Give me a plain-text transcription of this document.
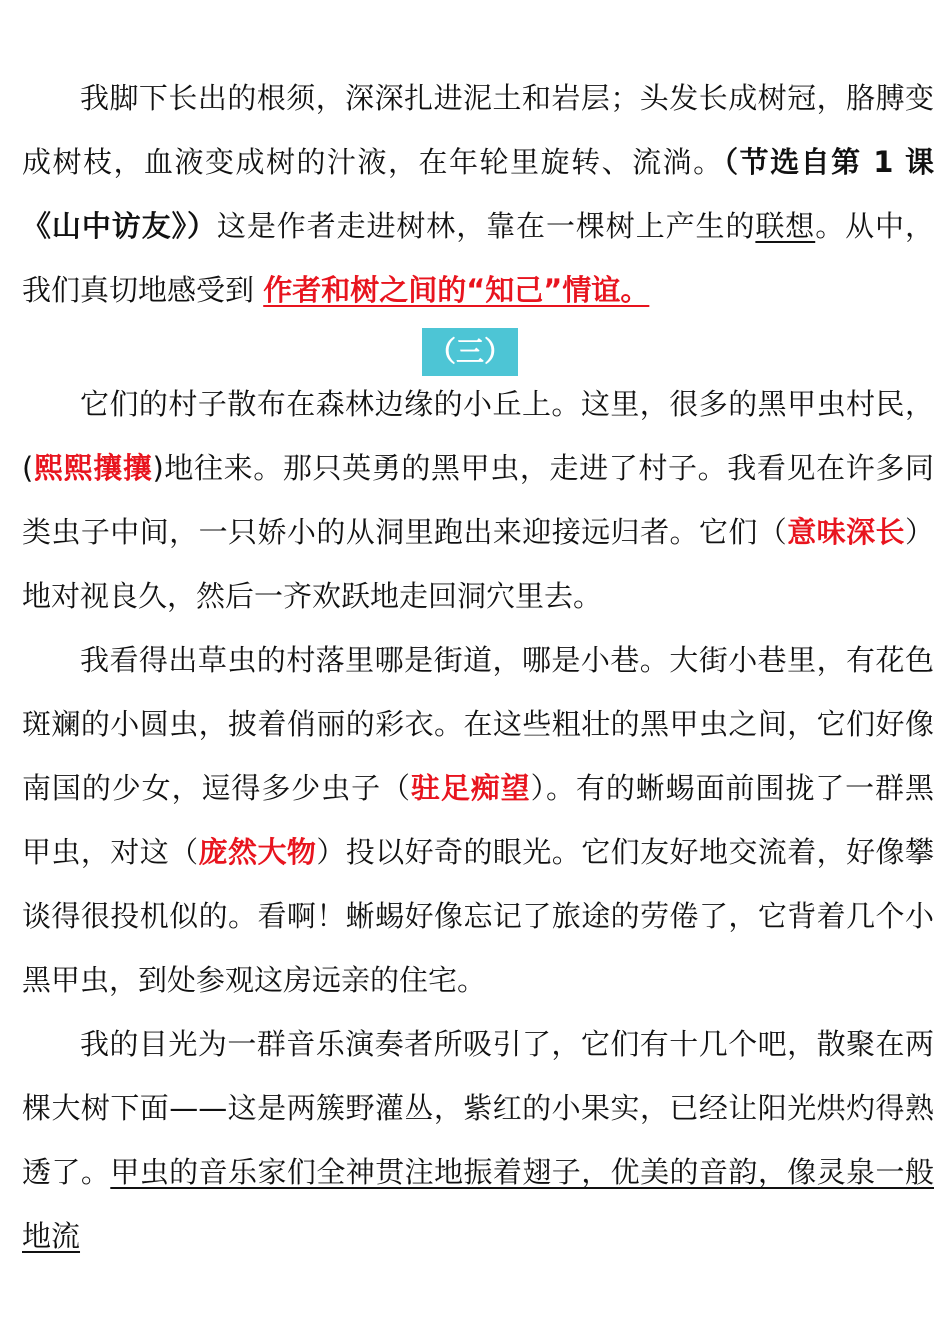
我脚下长出的根须，深深扎进泥土和岩层；头发长成树冠，胳膊变成树枝，血液变成树的汁液，在年轮里旋转、流淌。（节选自第 1 课《山中访友》）这是作者走进树林，靠在一棵树上产生的联想。从中，我们真切地感受到 作者和树之间的“知己”情谊。

（三）

它们的村子散布在森林边缘的小丘上。这里，很多的黑甲虫村民，(熙熙攘攘)地往来。那只英勇的黑甲虫，走进了村子。我看见在许多同类虫子中间，一只娇小的从洞里跑出来迎接远归者。它们（意味深长）地对视良久，然后一齐欢跃地走回洞穴里去。

我看得出草虫的村落里哪是街道，哪是小巷。大街小巷里，有花色斑斓的小圆虫，披着俏丽的彩衣。在这些粗壮的黑甲虫之间，它们好像南国的少女，逗得多少虫子（驻足痴望）。有的蜥蜴面前围拢了一群黑甲虫，对这（庞然大物）投以好奇的眼光。它们友好地交流着，好像攀谈得很投机似的。看啊！蜥蜴好像忘记了旅途的劳倦了，它背着几个小黑甲虫，到处参观这房远亲的住宅。

我的目光为一群音乐演奏者所吸引了，它们有十几个吧，散聚在两棵大树下面——这是两簇野灌丛，紫红的小果实，已经让阳光烘灼得熟透了。甲虫的音乐家们全神贯注地振着翅子，优美的音韵，像灵泉一般地流
